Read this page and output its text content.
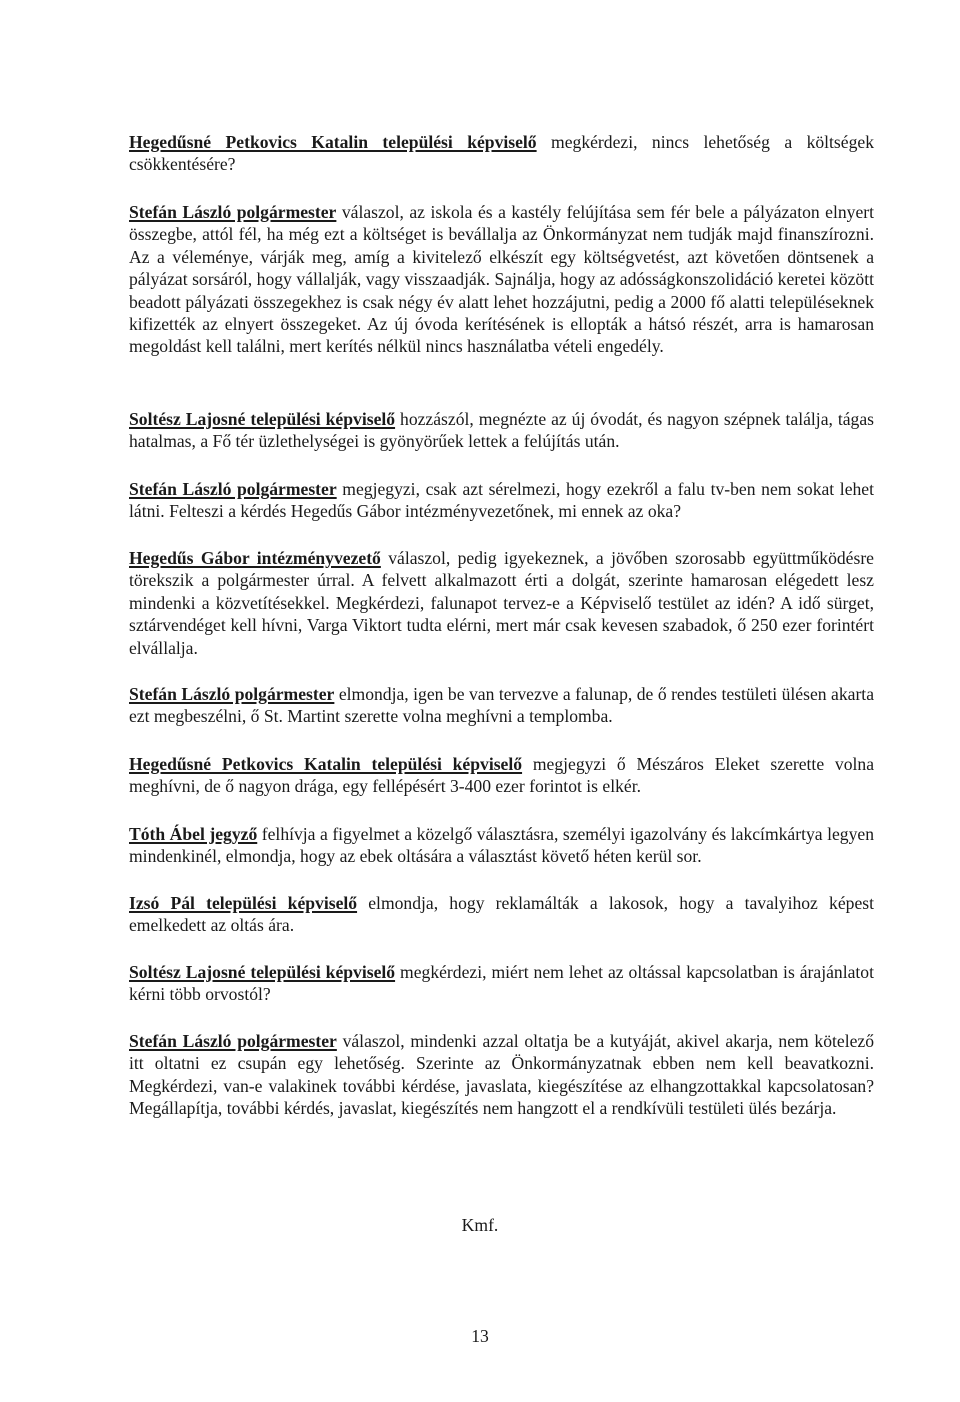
Hegedűsné Petkovics Katalin települési képviselő megkérdezi, nincs lehetőség a költségek csökkentésére?

Stefán László polgármester válaszol, az iskola és a kastély felújítása sem fér bele a pályázaton elnyert összegbe, attól fél, ha még ezt a költséget is bevállalja az Önkormányzat nem tudják majd finanszírozni. Az a véleménye, várják meg, amíg a kivitelező elkészít egy költségvetést, azt követően döntsenek a pályázat sorsáról, hogy vállalják, vagy visszaadják. Sajnálja, hogy az adósságkonszolidáció keretei között beadott pályázati összegekhez is csak négy év alatt lehet hozzájutni, pedig a 2000 fő alatti településeknek kifizették az elnyert összegeket. Az új óvoda kerítésének is ellopták a hátsó részét, arra is hamarosan megoldást kell találni, mert kerítés nélkül nincs használatba vételi engedély.

Soltész Lajosné települési képviselő hozzászól, megnézte az új óvodát, és nagyon szépnek találja, tágas hatalmas, a Fő tér üzlethelységei is gyönyörűek lettek a felújítás után.

Stefán László polgármester megjegyzi, csak azt sérelmezi, hogy ezekről a falu tv-ben nem sokat lehet látni. Felteszi a kérdés Hegedűs Gábor intézményvezetőnek, mi ennek az oka?

Hegedűs Gábor intézményvezető válaszol, pedig igyekeznek, a jövőben szorosabb együttműködésre törekszik a polgármester úrral. A felvett alkalmazott érti a dolgát, szerinte hamarosan elégedett lesz mindenki a közvetítésekkel. Megkérdezi, falunapot tervez-e a Képviselő testület az idén? A idő sürget, sztárvendéget kell hívni, Varga Viktort tudta elérni, mert már csak kevesen szabadok, ő 250 ezer forintért elvállalja.

Stefán László polgármester elmondja, igen be van tervezve a falunap, de ő rendes testületi ülésen akarta ezt megbeszélni, ő St. Martint szerette volna meghívni a templomba.

Hegedűsné Petkovics Katalin települési képviselő megjegyzi ő Mészáros Eleket szerette volna meghívni, de ő nagyon drága, egy fellépésért 3-400 ezer forintot is elkér.

Tóth Ábel jegyző felhívja a figyelmet a közelgő választásra, személyi igazolvány és lakcímkártya legyen mindenkinél, elmondja, hogy az ebek oltására a választást követő héten kerül sor.

Izsó Pál települési képviselő elmondja, hogy reklamálták a lakosok, hogy a tavalyihoz képest emelkedett az oltás ára.

Soltész Lajosné települési képviselő megkérdezi, miért nem lehet az oltással kapcsolatban is árajánlatot kérni több orvostól?

Stefán László polgármester válaszol, mindenki azzal oltatja be a kutyáját, akivel akarja, nem kötelező itt oltatni ez csupán egy lehetőség. Szerinte az Önkormányzatnak ebben nem kell beavatkozni. Megkérdezi, van-e valakinek további kérdése, javaslata, kiegészítése az elhangzottakkal kapcsolatosan? Megállapítja, további kérdés, javaslat, kiegészítés nem hangzott el a rendkívüli testületi ülés bezárja.

Kmf.

13
